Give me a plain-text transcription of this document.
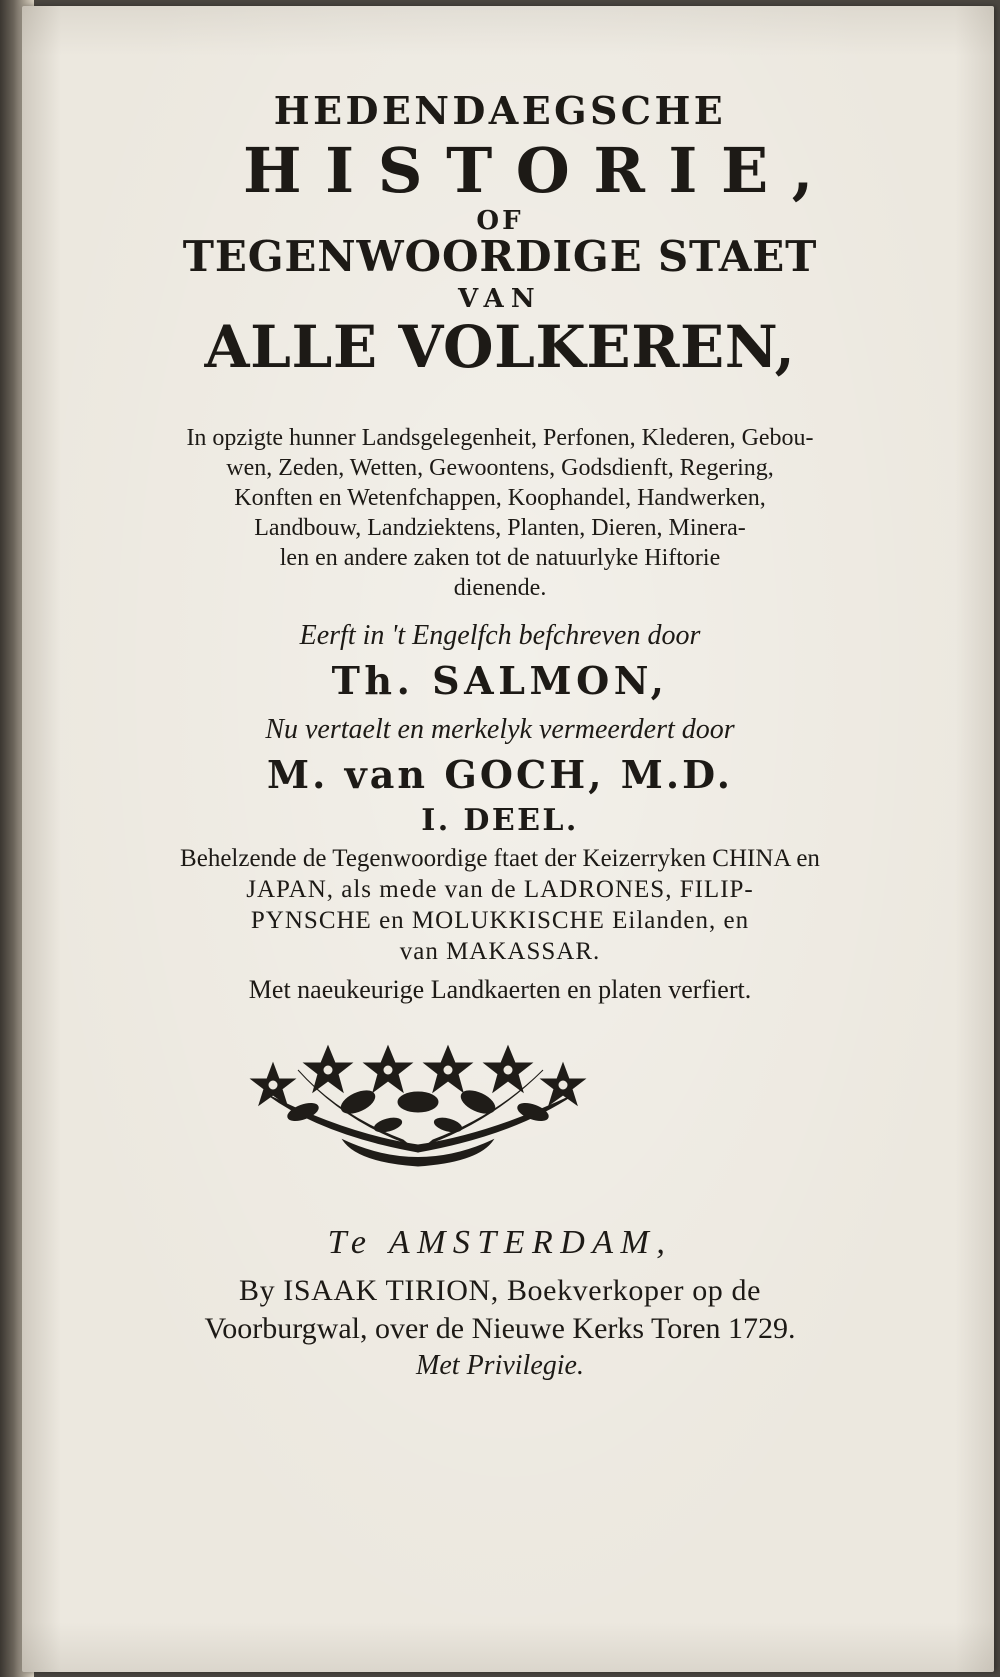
HEDENDAEGSCHE
HISTORIE,
OF
TEGENWOORDIGE STAET
VAN
ALLE VOLKEREN,
In opzigte hunner Landsgelegenheit, Perfonen, Klederen, Gebou-
wen, Zeden, Wetten, Gewoontens, Godsdienft, Regering,
Konften en Wetenfchappen, Koophandel, Handwerken,
Landbouw, Landziektens, Planten, Dieren, Minera-
len en andere zaken tot de natuurlyke Hiftorie
dienende.
Eerft in 't Engelfch befchreven door
Th. SALMON,
Nu vertaelt en merkelyk vermeerdert door
M. van GOCH, M.D.
I. DEEL.
Behelzende de Tegenwoordige ftaet der Keizerryken CHINA en
JAPAN, als mede van de LADRONES, FILIP-
PYNSCHE en MOLUKKISCHE Eilanden, en
van MAKASSAR.
Met naeukeurige Landkaerten en platen verfiert.
Te AMSTERDAM,
By ISAAK TIRION, Boekverkoper op de
Voorburgwal, over de Nieuwe Kerks Toren 1729.
Met Privilegie.
